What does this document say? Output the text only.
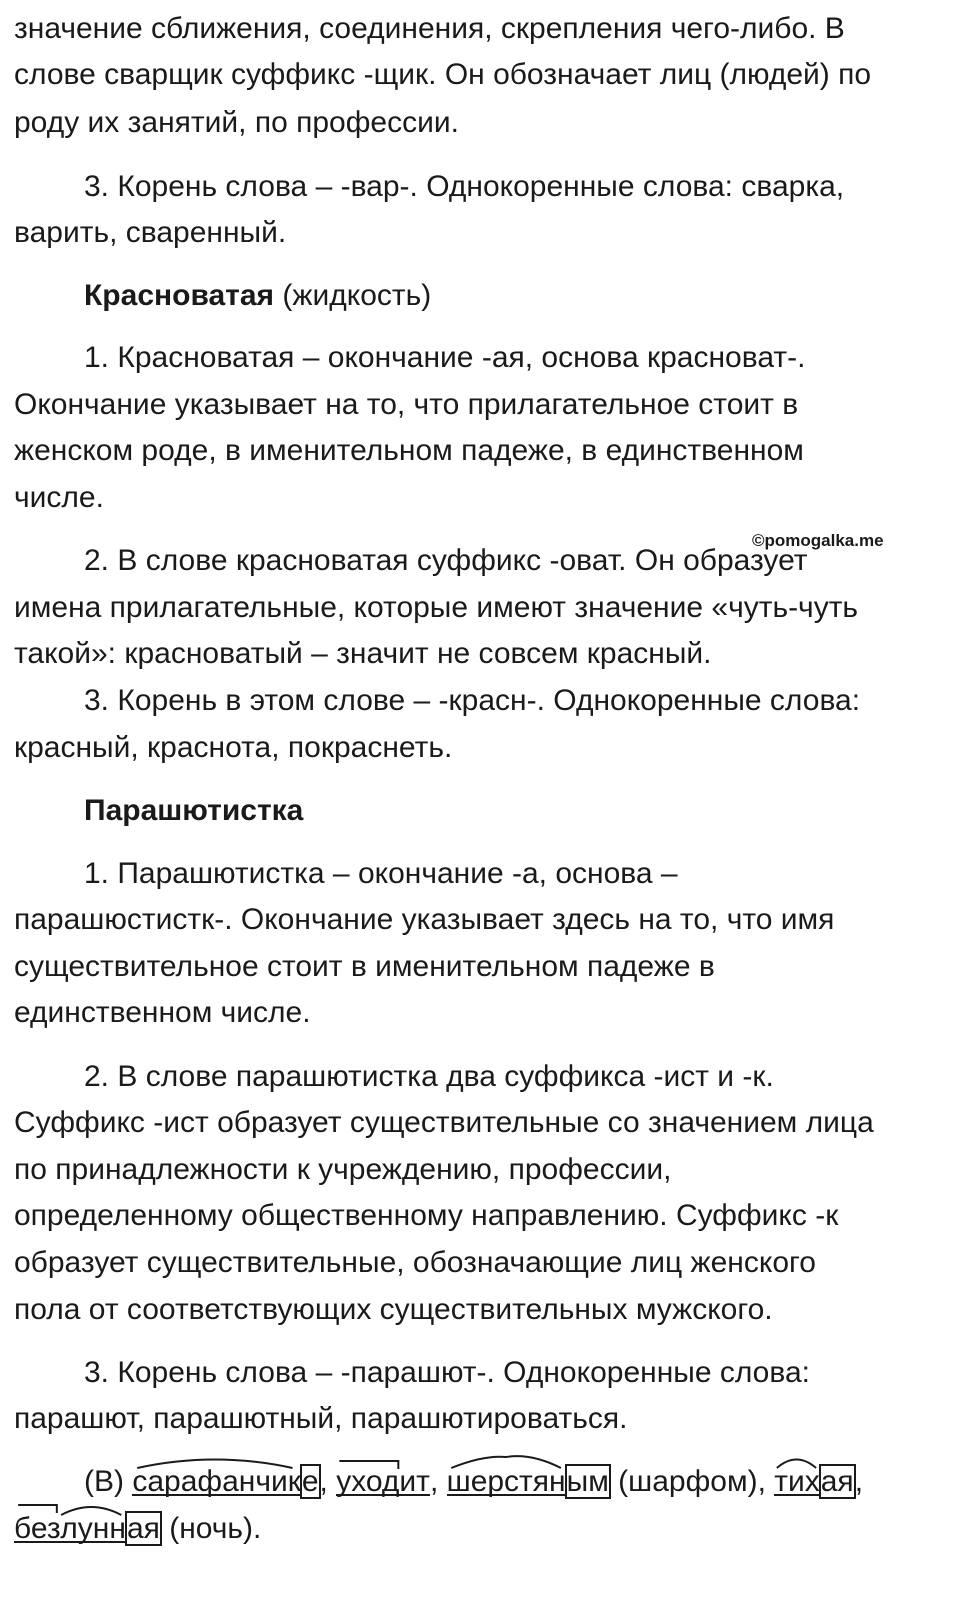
значение сближения, соединения, скрепления чего-либо. В
слове сварщик суффикс -щик. Он обозначает лиц (людей) по
роду их занятий, по профессии.
3. Корень слова – -вар-. Однокоренные слова: сварка,
варить, сваренный.
Красноватая (жидкость)
1. Красноватая – окончание -ая, основа красноват-.
Окончание указывает на то, что прилагательное стоит в
женском роде, в именительном падеже, в единственном
числе.
©pomogalka.me
2. В слове красноватая суффикс -оват. Он образует
имена прилагательные, которые имеют значение «чуть-чуть
такой»: красноватый – значит не совсем красный.
3. Корень в этом слове – -красн-. Однокоренные слова:
красный, краснота, покраснеть.
Парашютистка
1. Парашютистка – окончание -а, основа –
парашюстистк-. Окончание указывает здесь на то, что имя
существительное стоит в именительном падеже в
единственном числе.
2. В слове парашютистка два суффикса -ист и -к.
Суффикс -ист образует существительные со значением лица
по принадлежности к учреждению, профессии,
определенному общественному направлению. Суффикс -к
образует существительные, обозначающие лиц женского
пола от соответствующих существительных мужского.
3. Корень слова – -парашют-. Однокоренные слова:
парашют, парашютный, парашютироваться.
(В) сарафанчик
е, уходит
, шерстян
ым (шарфом), тих
ая,
безлунн
ая (ночь).
